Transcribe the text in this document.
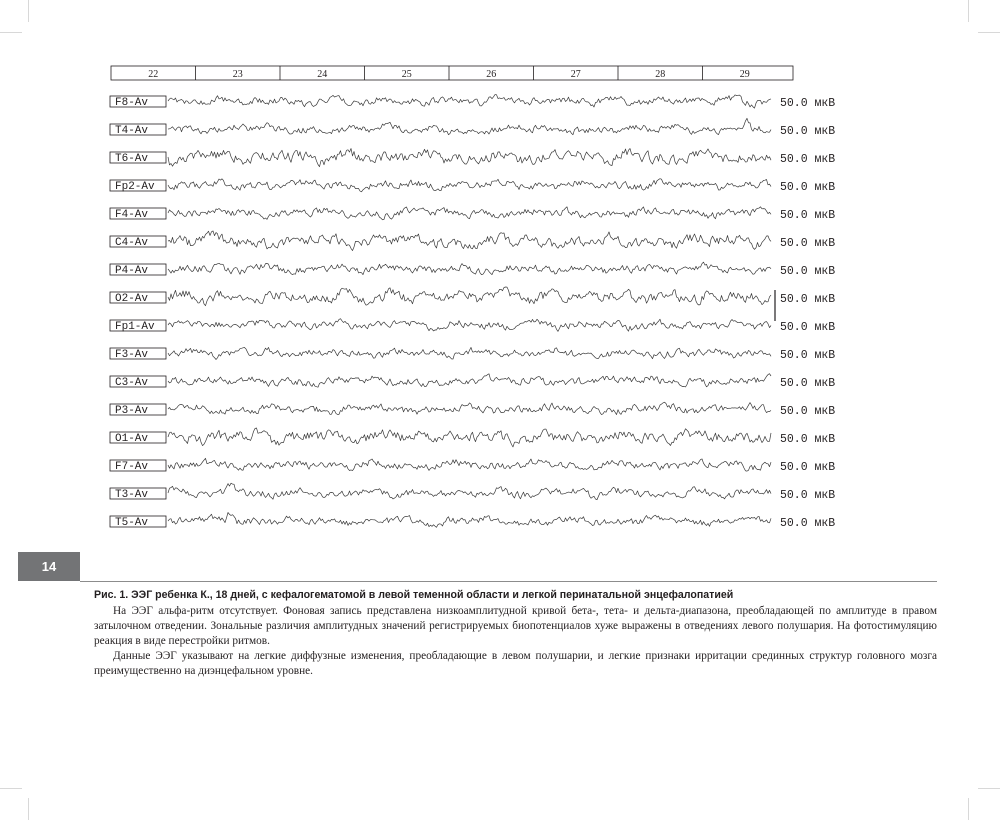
22	23	24	25	26	27	28	29
F8-Av	50.0 мкВ
T4-Av	50.0 мкВ
T6-Av	50.0 мкВ
Fp2-Av	50.0 мкВ
F4-Av	50.0 мкВ
C4-Av	50.0 мкВ
P4-Av	50.0 мкВ
O2-Av	50.0 мкВ
Fp1-Av	50.0 мкВ
F3-Av	50.0 мкВ
C3-Av	50.0 мкВ
P3-Av	50.0 мкВ
O1-Av	50.0 мкВ
F7-Av	50.0 мкВ
T3-Av	50.0 мкВ
T5-Av	50.0 мкВ
14

Рис. 1. ЭЭГ ребенка К., 18 дней, с кефалогематомой в левой теменной области и легкой перинатальной энцефалопатией

На ЭЭГ альфа-ритм отсутствует. Фоновая запись представлена низкоамплитудной кривой бета-, тета- и дельта-диапазона, преобладающей по амплитуде в правом затылочном отведении. Зональные различия амплитудных значений регистрируемых биопотенциалов хуже выражены в отведениях левого полушария. На фотостимуляцию реакция в виде перестройки ритмов.

Данные ЭЭГ указывают на легкие диффузные изменения, преобладающие в левом полушарии, и легкие признаки ирритации срединных структур головного мозга преимущественно на диэнцефальном уровне.
